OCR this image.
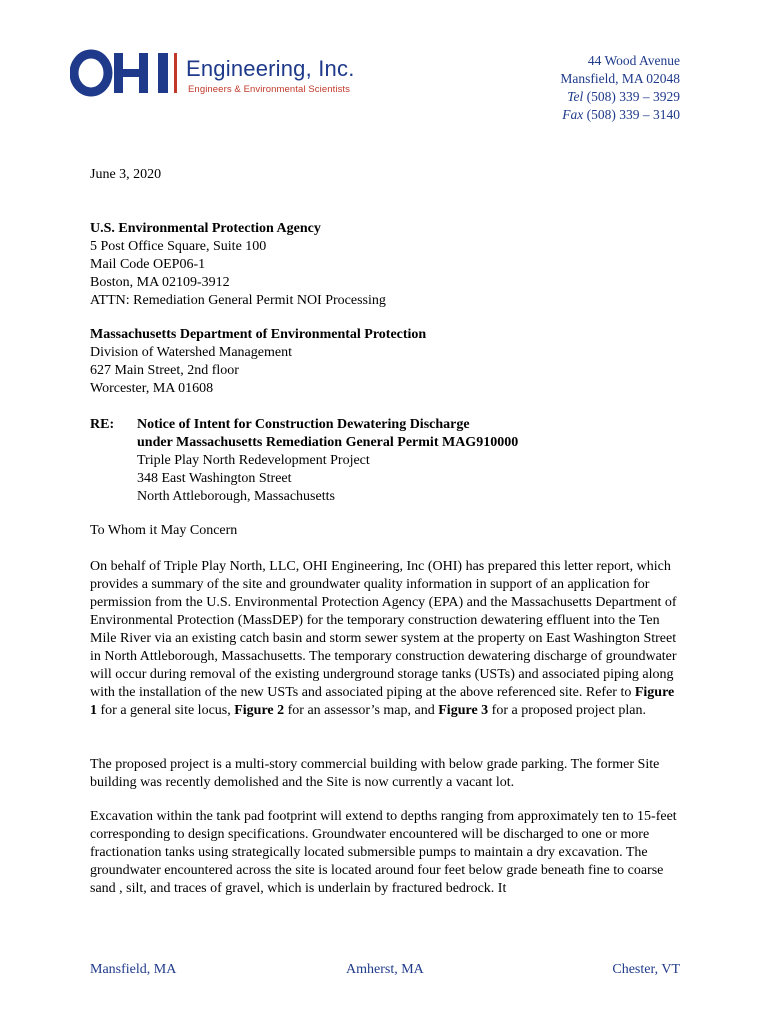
Engineering, Inc.
Engineers & Environmental Scientists
44 Wood Avenue
Mansfield, MA 02048
Tel (508) 339 – 3929
Fax (508) 339 – 3140
June 3, 2020
U.S. Environmental Protection Agency
5 Post Office Square, Suite 100
Mail Code OEP06-1
Boston, MA 02109-3912
ATTN: Remediation General Permit NOI Processing
Massachusetts Department of Environmental Protection
Division of Watershed Management
627 Main Street, 2nd floor
Worcester, MA 01608
RE: Notice of Intent for Construction Dewatering Discharge
under Massachusetts Remediation General Permit MAG910000
Triple Play North Redevelopment Project
348 East Washington Street
North Attleborough, Massachusetts
To Whom it May Concern

On behalf of Triple Play North, LLC, OHI Engineering, Inc (OHI) has prepared this letter report, which provides a summary of the site and groundwater quality information in support of an application for permission from the U.S. Environmental Protection Agency (EPA) and the Massachusetts Department of Environmental Protection (MassDEP) for the temporary construction dewatering effluent into the Ten Mile River via an existing catch basin and storm sewer system at the property on East Washington Street in North Attleborough, Massachusetts. The temporary construction dewatering discharge of groundwater will occur during removal of the existing underground storage tanks (USTs) and associated piping along with the installation of the new USTs and associated piping at the above referenced site. Refer to Figure 1 for a general site locus, Figure 2 for an assessor’s map, and Figure 3 for a proposed project plan.

The proposed project is a multi-story commercial building with below grade parking. The former Site building was recently demolished and the Site is now currently a vacant lot.

Excavation within the tank pad footprint will extend to depths ranging from approximately ten to 15-feet corresponding to design specifications. Groundwater encountered will be discharged to one or more fractionation tanks using strategically located submersible pumps to maintain a dry excavation. The groundwater encountered across the site is located around four feet below grade beneath fine to coarse sand , silt, and traces of gravel, which is underlain by fractured bedrock. It

Mansfield, MA	Amherst, MA	Chester, VT
